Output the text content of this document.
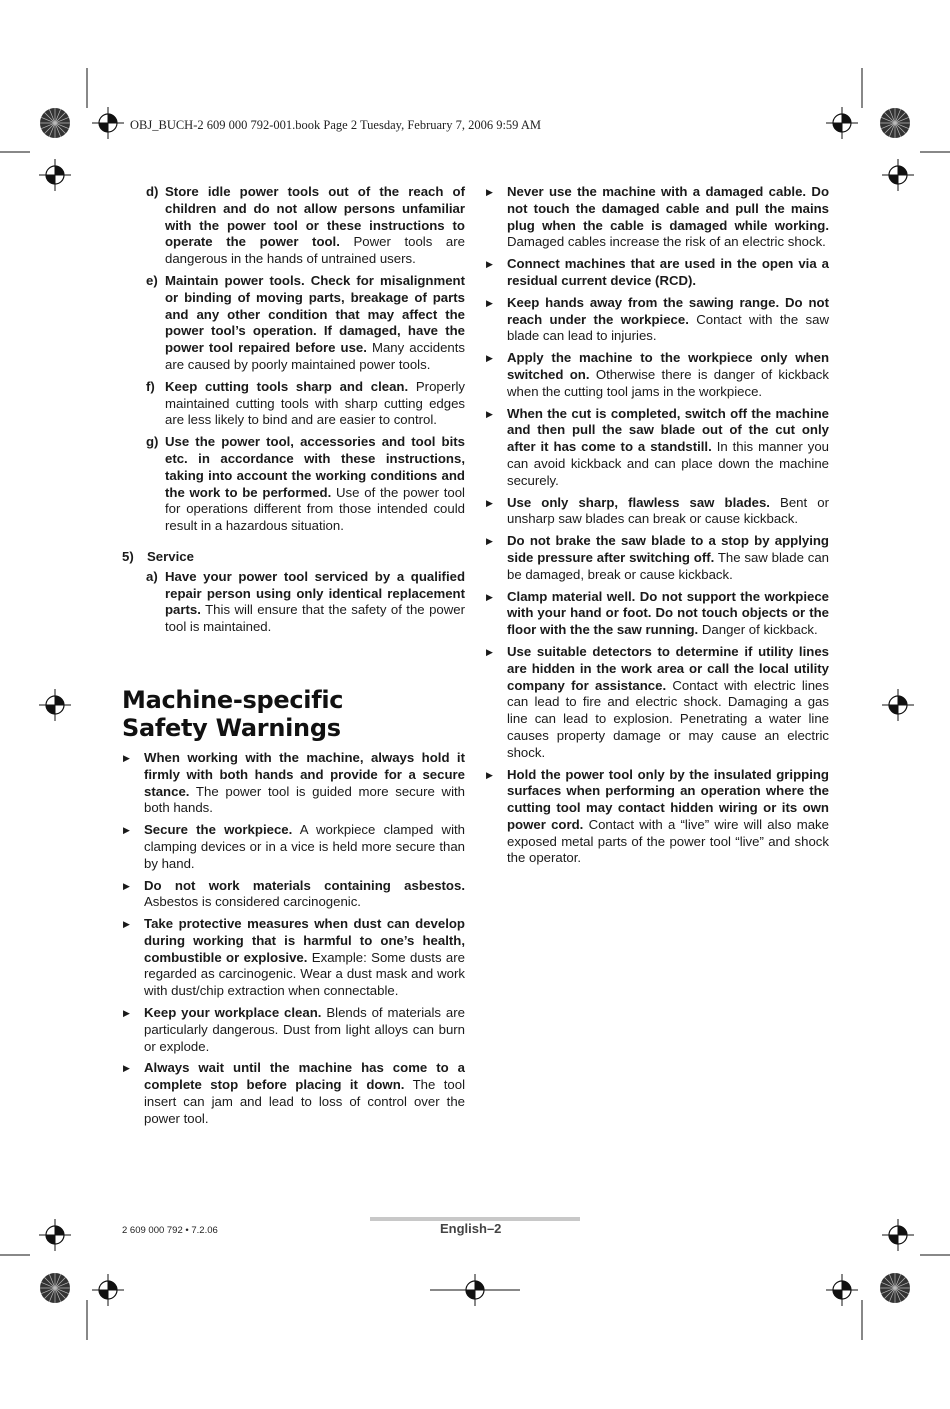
OBJ_BUCH-2 609 000 792-001.book Page 2 Tuesday, February 7, 2006 9:59 AM
d) Store idle power tools out of the reach of children and do not allow persons unfamiliar with the power tool or these instructions to operate the power tool. Power tools are dangerous in the hands of untrained users.
e) Maintain power tools. Check for misalignment or binding of moving parts, breakage of parts and any other condition that may affect the power tool’s operation. If damaged, have the power tool repaired before use. Many accidents are caused by poorly maintained power tools.
f) Keep cutting tools sharp and clean. Properly maintained cutting tools with sharp cutting edges are less likely to bind and are easier to control.
g) Use the power tool, accessories and tool bits etc. in accordance with these instructions, taking into account the working conditions and the work to be performed. Use of the power tool for operations different from those intended could result in a hazardous situation.
5) Service
a) Have your power tool serviced by a qualified repair person using only identical replacement parts. This will ensure that the safety of the power tool is maintained.
Machine-specific
Safety Warnings
▶ When working with the machine, always hold it firmly with both hands and provide for a secure stance. The power tool is guided more secure with both hands.
▶ Secure the workpiece. A workpiece clamped with clamping devices or in a vice is held more secure than by hand.
▶ Do not work materials containing asbestos. Asbestos is considered carcinogenic.
▶ Take protective measures when dust can develop during working that is harmful to one’s health, combustible or explosive. Example: Some dusts are regarded as carcinogenic. Wear a dust mask and work with dust/chip extraction when connectable.
▶ Keep your workplace clean. Blends of materials are particularly dangerous. Dust from light alloys can burn or explode.
▶ Always wait until the machine has come to a complete stop before placing it down. The tool insert can jam and lead to loss of control over the power tool.
▶ Never use the machine with a damaged cable. Do not touch the damaged cable and pull the mains plug when the cable is damaged while working. Damaged cables increase the risk of an electric shock.
▶ Connect machines that are used in the open via a residual current device (RCD).
▶ Keep hands away from the sawing range. Do not reach under the workpiece. Contact with the saw blade can lead to injuries.
▶ Apply the machine to the workpiece only when switched on. Otherwise there is danger of kickback when the cutting tool jams in the workpiece.
▶ When the cut is completed, switch off the machine and then pull the saw blade out of the cut only after it has come to a standstill. In this manner you can avoid kickback and can place down the machine securely.
▶ Use only sharp, flawless saw blades. Bent or unsharp saw blades can break or cause kickback.
▶ Do not brake the saw blade to a stop by applying side pressure after switching off. The saw blade can be damaged, break or cause kickback.
▶ Clamp material well. Do not support the workpiece with your hand or foot. Do not touch objects or the floor with the the saw running. Danger of kickback.
▶ Use suitable detectors to determine if utility lines are hidden in the work area or call the local utility company for assistance. Contact with electric lines can lead to fire and electric shock. Damaging a gas line can lead to explosion. Penetrating a water line causes property damage or may cause an electric shock.
▶ Hold the power tool only by the insulated gripping surfaces when performing an operation where the cutting tool may contact hidden wiring or its own power cord. Contact with a “live” wire will also make exposed metal parts of the power tool “live” and shock the operator.
2 609 000 792 • 7.2.06	English–2
